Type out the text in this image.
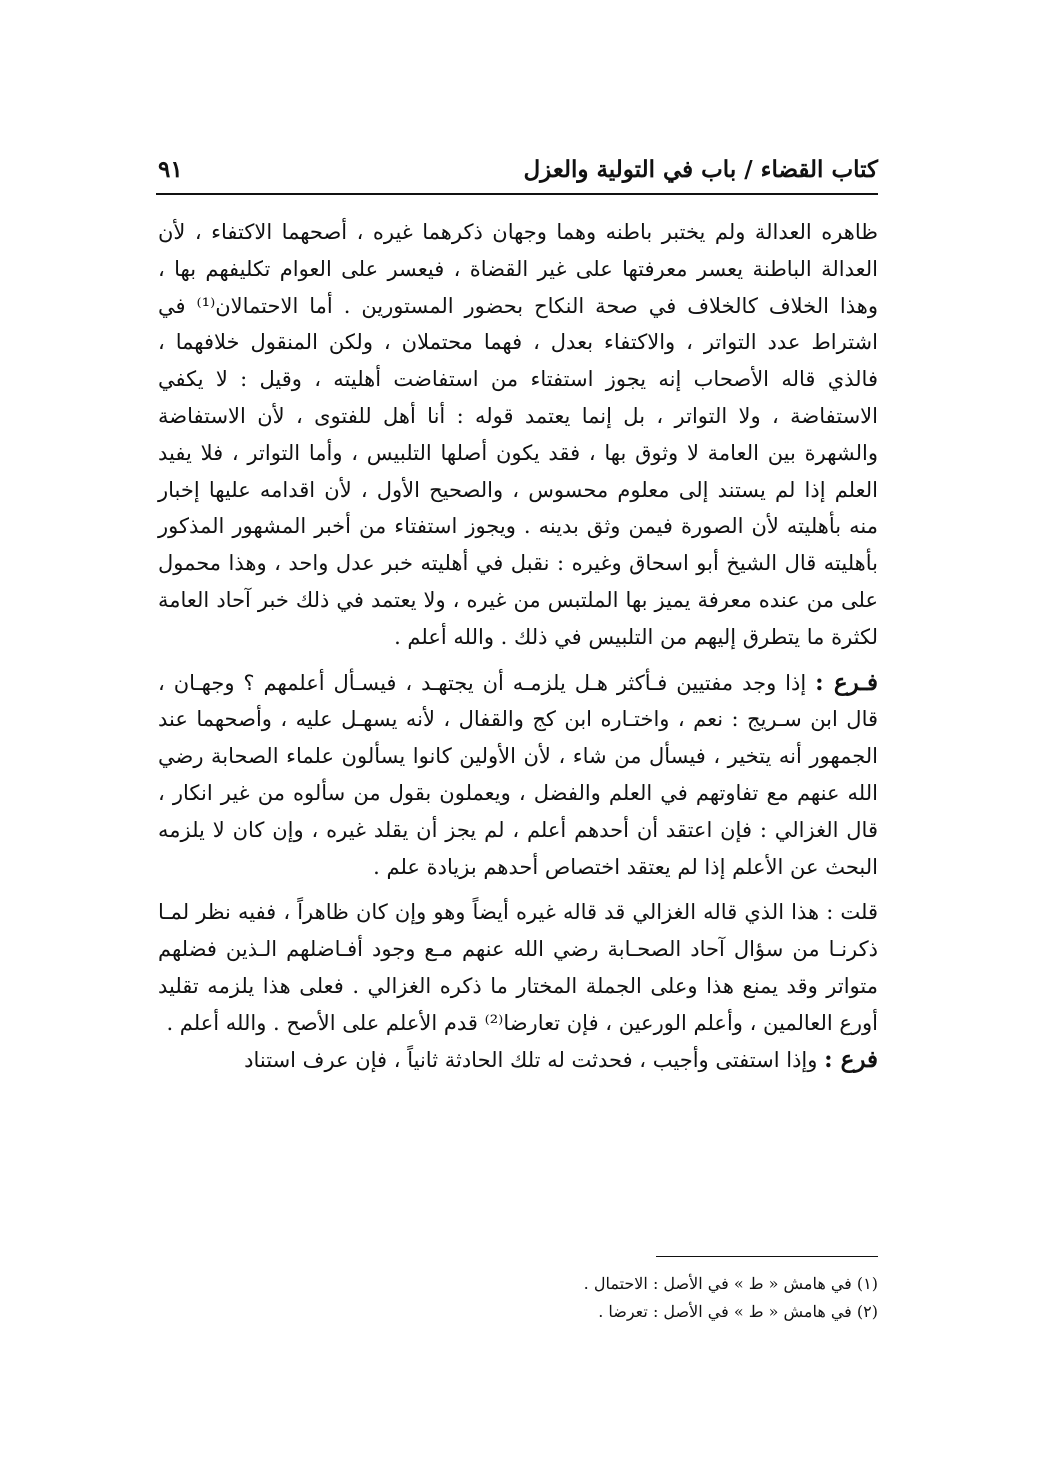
كتاب القضاء / باب في التولية والعزل
٩١

ظاهره العدالة ولم يختبر باطنه وهما وجهان ذكرهما غيره ، أصحهما الاكتفاء ، لأن العدالة الباطنة يعسر معرفتها على غير القضاة ، فيعسر على العوام تكليفهم بها ، وهذا الخلاف كالخلاف في صحة النكاح بحضور المستورين . أما الاحتمالان⁽¹⁾ في اشتراط عدد التواتر ، والاكتفاء بعدل ، فهما محتملان ، ولكن المنقول خلافهما ، فالذي قاله الأصحاب إنه يجوز استفتاء من استفاضت أهليته ، وقيل : لا يكفي الاستفاضة ، ولا التواتر ، بل إنما يعتمد قوله : أنا أهل للفتوى ، لأن الاستفاضة والشهرة بين العامة لا وثوق بها ، فقد يكون أصلها التلبيس ، وأما التواتر ، فلا يفيد العلم إذا لم يستند إلى معلوم محسوس ، والصحيح الأول ، لأن اقدامه عليها إخبار منه بأهليته لأن الصورة فيمن وثق بدينه . ويجوز استفتاء من أخبر المشهور المذكور بأهليته قال الشيخ أبو اسحاق وغيره : نقبل في أهليته خبر عدل واحد ، وهذا محمول على من عنده معرفة يميز بها الملتبس من غيره ، ولا يعتمد في ذلك خبر آحاد العامة لكثرة ما يتطرق إليهم من التلبيس في ذلك . والله أعلم .

فـرع : إذا وجد مفتيين فـأكثر هـل يلزمـه أن يجتهـد ، فيسـأل أعلمهم ؟ وجهـان ، قال ابن سـريج : نعم ، واختـاره ابن كج والقفال ، لأنه يسهـل عليه ، وأصحهما عند الجمهور أنه يتخير ، فيسأل من شاء ، لأن الأولين كانوا يسألون علماء الصحابة رضي الله عنهم مع تفاوتهم في العلم والفضل ، ويعملون بقول من سألوه من غير انكار ، قال الغزالي : فإن اعتقد أن أحدهم أعلم ، لم يجز أن يقلد غيره ، وإن كان لا يلزمه البحث عن الأعلم إذا لم يعتقد اختصاص أحدهم بزيادة علم .

قلت : هذا الذي قاله الغزالي قد قاله غيره أيضاً وهو وإن كان ظاهراً ، ففيه نظر لمـا ذكرنـا من سؤال آحاد الصحـابة رضي الله عنهم مـع وجود أفـاضلهم الـذين فضلهم متواتر وقد يمنع هذا وعلى الجملة المختار ما ذكره الغزالي . فعلى هذا يلزمه تقليد أورع العالمين ، وأعلم الورعين ، فإن تعارضا⁽²⁾ قدم الأعلم على الأصح . والله أعلم .

فرع : وإذا استفتى وأجيب ، فحدثت له تلك الحادثة ثانياً ، فإن عرف استناد

(١) في هامش « ط » في الأصل : الاحتمال .
(٢) في هامش « ط » في الأصل : تعرضا .
